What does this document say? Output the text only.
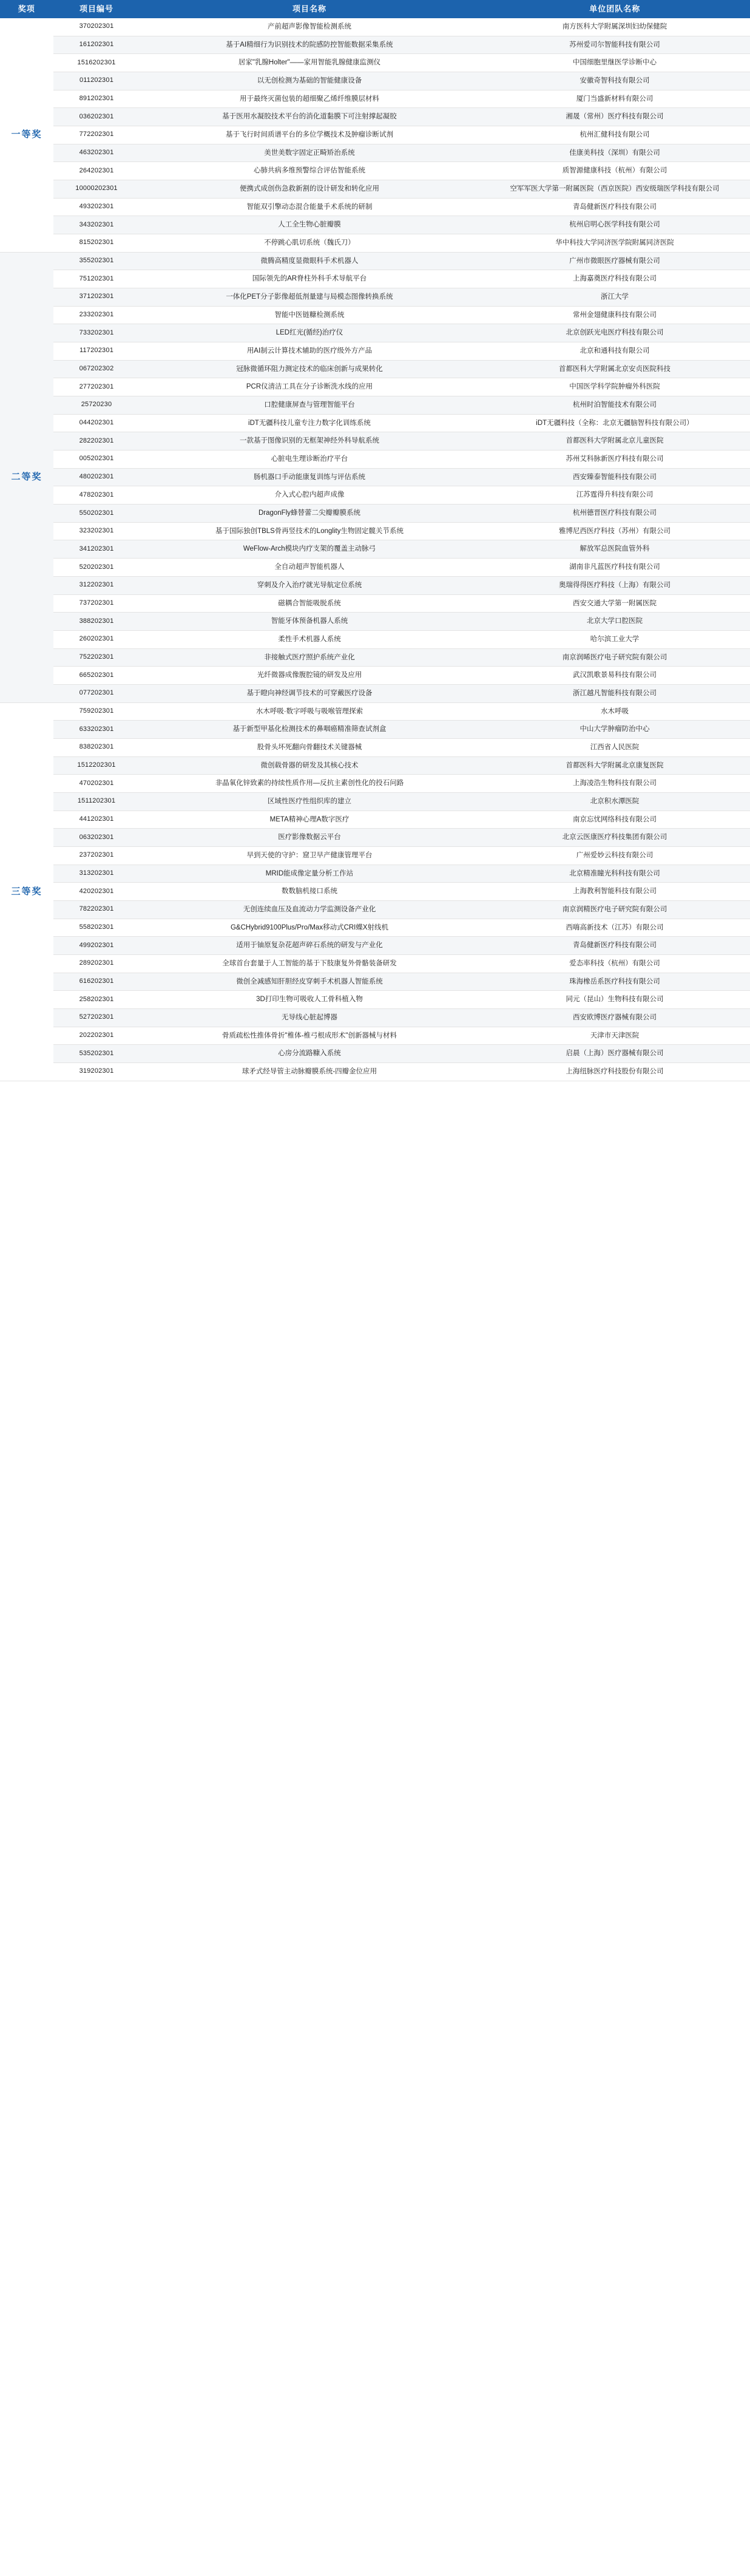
奖项	项目编号	项目名称	单位团队名称
一等奖	370202301	产前超声影像智能检测系统	南方医科大学附属深圳妇幼保健院
	161202301	基于AI精细行为识别技术的院感防控智能数据采集系统	苏州爱司尔智能科技有限公司
	1516202301	居家"乳腺Holter"——家用智能乳腺健康监测仪	中国细胞里继医学诊断中心
	011202301	以无创检测为基础的智能健康设备	安徽奇智科技有限公司
	891202301	用于最终灭菌包装的超细聚乙烯纤维膜层材料	厦门当盛新材料有限公司
	036202301	基于医用水凝胶技术平台的消化道黏膜下可注射撑起凝胶	湘晟（常州）医疗科技有限公司
	772202301	基于飞行时间质谱平台的多位学概技术及肿瘤诊断试剂	杭州汇健科技有限公司
	463202301	美世美数字固定正畸矫治系统	佳康美科技（深圳）有限公司
	264202301	心肺共病多维预警综合评估智能系统	质智源健康科技（杭州）有限公司
	10000202301	便携式成创伤急救新割的设计研发和转化应用	空军军医大学第一附属医院（西京医院）西安级瑞医学科技有限公司
	493202301	智能双引擎动态混合能量手术系统的研制	青岛健新医疗科技有限公司
	343202301	人工全生物心脏瓣膜	杭州启明心医学科技有限公司
	815202301	不停跳心肌切系统（魏氏刀）	华中科技大学同济医学院附属同济医院
二等奖	355202301	微腾高精度显微眼科手术机器人	广州市微眼医疗器械有限公司
	751202301	国际领先的AR脊柱外科手术导航平台	上海嘉奠医疗科技有限公司
	371202301	一体化PET分子影像超低剂量建与局模态图像转换系统	浙江大学
	233202301	智能中医链糠检测系统	常州金翅健康科技有限公司
	733202301	LED红光(循经)治疗仪	北京创跃光电医疗科技有限公司
	117202301	用AI制云计算技术辅助的医疗级外方产品	北京和通科技有限公司
	067202302	冠脉微循环阻力测定技术的临床创新与成果转化	首都医科大学附属北京安贞医院科技
	277202301	PCR仪清洁工具在分子诊断洗水线的应用	中国医学科学院肿瘤外科医院
	25720230	口腔健康屏查与管理智能平台	杭州时泊智能技术有限公司
	044202301	iDT无疆科技儿童专注力数字化训练系统	iDT无疆科技（全称：北京无疆脑智科技有限公司）
	282202301	一款基于图像识别的无框架神经外科导航系统	首都医科大学附属北京儿童医院
	005202301	心脏电生理诊断治疗平台	苏州艾科脉新医疗科技有限公司
	480202301	肠机器口手动能康复训练与评估系统	西安臻泰智能科技有限公司
	478202301	介入式心腔内超声成像	江苏霆得升科技有限公司
	550202301	DragonFly蜂替蕾二尖瓣瓣膜系统	杭州德晋医疗科技有限公司
	323202301	基于国际独创TBLS骨再竖技术的Longlity生物固定髋关节系统	雅博尼西医疗科技（苏州）有限公司
	341202301	WeFlow-Arch模块内疗支架的覆盖主动脉弓	解放军总医院血管外科
	520202301	全自动超声智能机器人	湖南非凡蓝医疗科技有限公司
	312202301	穿刺及介入治疗就光导航定位系统	奥瑞得得医疗科技（上海）有限公司
	737202301	磁耦合智能吸脱系统	西安交通大学第一附属医院
	388202301	智能牙体预备机器人系统	北京大学口腔医院
	260202301	柔性手术机器人系统	哈尔滨工业大学
	752202301	非接触式医疗照护系统产业化	南京润晞医疗电子研究院有限公司
	665202301	光纤微器成像腹腔镜的研发及应用	武汉凯歌景易科技有限公司
	077202301	基于瞪向神经调节技术的可穿戴医疗设备	浙江越凡智能科技有限公司
三等奖	759202301	水木呼吸·数字呼吸与吸喉管理探索	水木呼吸
	633202301	基于新型甲基化检测技术的鼻咽癌精准筛查试剂盒	中山大学肿瘤防治中心
	838202301	股骨头坏死翻向骨翻技术关键器械	江西省人民医院
	1512202301	微创载骨器的研发及其核心技术	首都医科大学附属北京康复医院
	470202301	非晶氧化锌致素的持续性质作用—反抗主素创性化的投石问路	上海凌浩生物科技有限公司
	1511202301	区域性医疗性组织库的建立	北京积水潭医院
	441202301	META精神心理A数字医疗	南京忘忧网络科技有限公司
	063202301	医疗影像数据云平台	北京云医康医疗科技集团有限公司
	237202301	早到天使的守护：窟卫早产健康管理平台	广州爱妙云科技有限公司
	313202301	MRID能成像定量分析工作站	北京精准瞳光科科技有限公司
	420202301	数数脑机接口系统	上海教利智能科技有限公司
	782202301	无创连续血压及血流动力学监测设备产业化	南京润精医疗电子研究院有限公司
	558202301	G&CHybrid9100Plus/Pro/Max移动式CRI蝶X射线机	西嗨高新技术（江苏）有限公司
	499202301	适用于铀原复杂花超声碎石系统的研发与产业化	青岛健新医疗科技有限公司
	289202301	全球首台套量于人工智能的基于下肢康复外骨骼装备研发	爱态率科技（杭州）有限公司
	616202301	微创全减感知肝胆经皮穿刺手术机器人智能系统	珠海橡岳系医疗科技有限公司
	258202301	3D打印生物可吸收人工骨科植入物	同元（昆山）生物科技有限公司
	527202301	无导线心脏起博器	西安欧博医疗器械有限公司
	202202301	骨质疏松性推体骨折"椎体-椎弓根成形术"创新器械与材料	天津市天津医院
	535202301	心房分流路糠入系统	启晨（上海）医疗器械有限公司
	319202301	球矛式经导管主动脉瓣膜系统-四瓣金位应用	上海纽脉医疗科技股份有限公司
